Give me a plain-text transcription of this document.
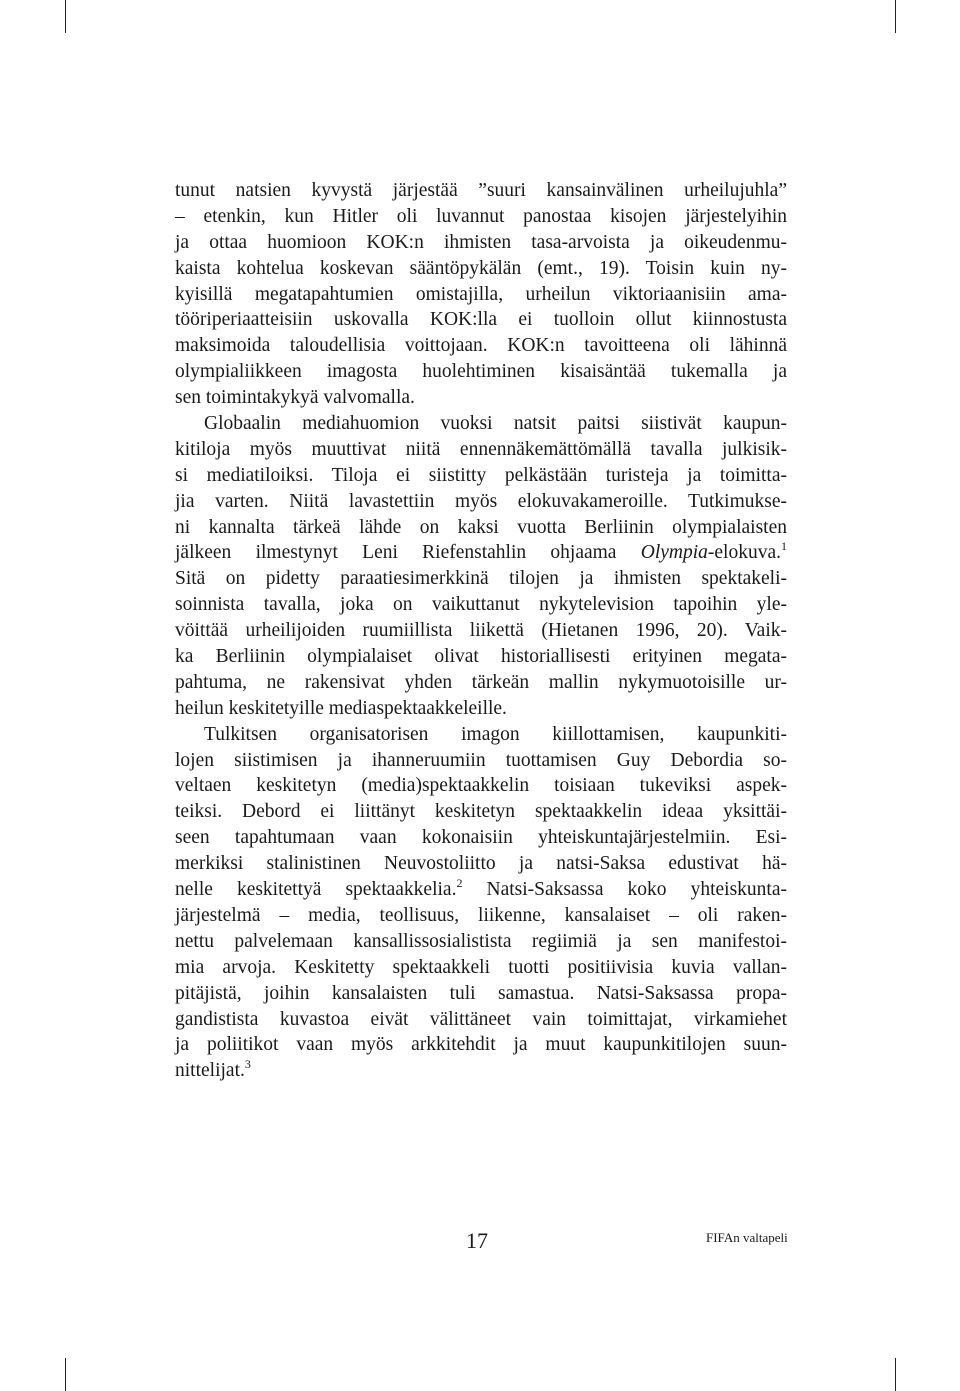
tunut natsien kyvystä järjestää ”suuri kansainvälinen urheilujuhla”
– etenkin, kun Hitler oli luvannut panostaa kisojen järjestelyihin
ja ottaa huomioon KOK:n ihmisten tasa-arvoista ja oikeudenmu-
kaista kohtelua koskevan sääntöpykälän (emt., 19). Toisin kuin ny-
kyisillä megatapahtumien omistajilla, urheilun viktoriaanisiin ama-
tööriperiaatteisiin uskovalla KOK:lla ei tuolloin ollut kiinnostusta
maksimoida taloudellisia voittojaan. KOK:n tavoitteena oli lähinnä
olympialiikkeen imagosta huolehtiminen kisaisäntää tukemalla ja
sen toimintakykyä valvomalla.
Globaalin mediahuomion vuoksi natsit paitsi siistivät kaupun-
kitiloja myös muuttivat niitä ennennäkemättömällä tavalla julkisik-
si mediatiloiksi. Tiloja ei siistitty pelkästään turisteja ja toimitta-
jia varten. Niitä lavastettiin myös elokuvakameroille. Tutkimukse-
ni kannalta tärkeä lähde on kaksi vuotta Berliinin olympialaisten
jälkeen ilmestynyt Leni Riefenstahlin ohjaama Olympia-elokuva.$^1$
Sitä on pidetty paraatiesimerkkinä tilojen ja ihmisten spektakeli-
soinnista tavalla, joka on vaikuttanut nykytelevision tapoihin yle-
vöittää urheilijoiden ruumiillista liikettä (Hietanen 1996, 20). Vaik-
ka Berliinin olympialaiset olivat historiallisesti erityinen megata-
pahtuma, ne rakensivat yhden tärkeän mallin nykymuotoisille ur-
heilun keskitetyille mediaspektaakkeleille.
Tulkitsen organisatorisen imagon kiillottamisen, kaupunkiti-
lojen siistimisen ja ihanneruumiin tuottamisen Guy Debordia so-
veltaen keskitetyn (media)spektaakkelin toisiaan tukeviksi aspek-
teiksi. Debord ei liittänyt keskitetyn spektaakkelin ideaa yksittäi-
seen tapahtumaan vaan kokonaisiin yhteiskuntajärjestelmiin. Esi-
merkiksi stalinistinen Neuvostoliitto ja natsi-Saksa edustivat hä-
nelle keskitettyä spektaakkelia.$^2$ Natsi-Saksassa koko yhteiskunta-
järjestelmä – media, teollisuus, liikenne, kansalaiset – oli raken-
nettu palvelemaan kansallissosialistista regiimiä ja sen manifestoi-
mia arvoja. Keskitetty spektaakkeli tuotti positiivisia kuvia vallan-
pitäjistä, joihin kansalaisten tuli samastua. Natsi-Saksassa propa-
gandistista kuvastoa eivät välittäneet vain toimittajat, virkamiehet
ja poliitikot vaan myös arkkitehdit ja muut kaupunkitilojen suun-
nittelijat.$^3$
17	FIFAn valtapeli
